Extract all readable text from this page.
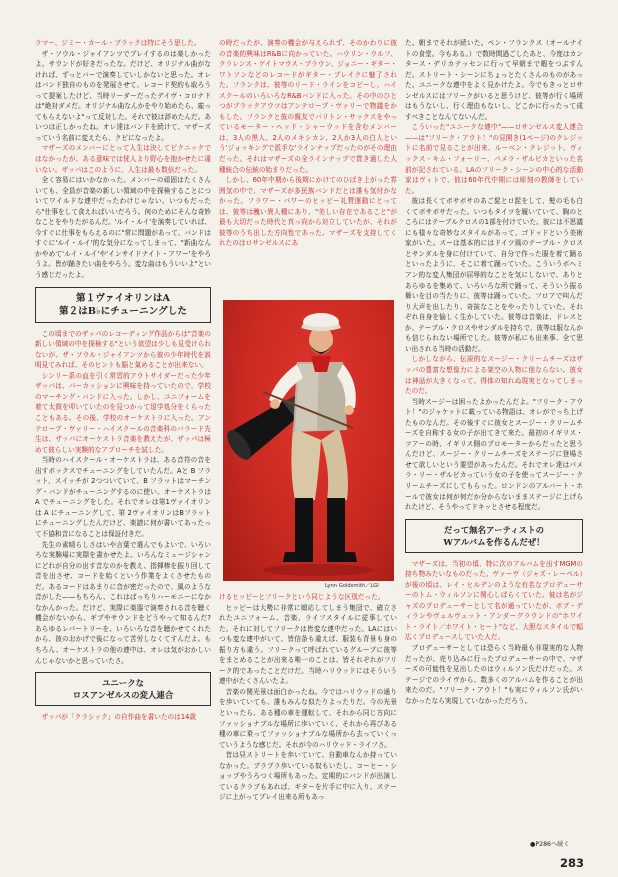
ラマー、ジミー・カール・ブラックは特にそう思した。

ザ・ソウル・ジャイアンツでプレイするのは楽しかったよ。サウンドが好きだったな。だけど、オリジナル曲がなければ、ずっとバーで演奏していしかないと思った。オレはバンド独自のものを発展させて、レコード契約も取ろうって提案したけど、当時リーダーだったデイヴ・コロナドは"絶対ダメだ。オリジナル曲なんかをやり始めたら、雇ってもらえないよ"って反対した。それで彼は辞めたんだ。あいつは正しかったね。オレ達はバンドを続けて、マザーズっていう名前に変えたら、クビになったよ。

マザーズのメンバーにとって人生は決してピクニックではなかったが、ある意味では恍人より野心を抱かせたに違いない。ザッパはこのように、人生は最も数倍だった。

全く容易にはいかなかった。メンバーの頑固はたくさんいても、全員が音楽の新しい領域の中を探検することについてワイルドな連中だったわけじゃない。いつもだったら"仕事をして食えればいいだろう。何のためにそんな奇妙なことをやりたがるんだ。'ルイ・ルイ'を演奏していれば、今すぐに仕事をもらえるのに"常に問題があって、バンドはすぐに'ルイ・ルイ'的な気分になってしまって、"新曲なんかやめて'ルイ・ルイ'や'インサイドナイト・アワー'をやろうよ。皆が踊きたい曲をやろう。変な曲はもういいよ"という感じだったよ。

第１ヴァイオリンはA
第２はB♭にチューニングした

この頃までのザッパのレコーディング作品からは"音楽の新しい領域の中を探検する"という欲望は少しも見受けられないが、ザ・ソウル・ジャイアンツから彼の少年時代を説明見てみれば、そのヒントも脳と氣めることが出来ない。

シンリー系の血を引く常習的アウトサイダーだった少年ザッパは、パーカッションに興味を持っていたので、学校のマーチング・バンドに入った。しかし、ユニフォームを着て太鼓を叩いていたのを見つかって退学処分をくらったこともある。その後、学校のオーケストラに入った。アンテロープ・ヴァリー・ハイスクールの音楽科のバラード先生は、ザッパにオーケストラ音楽を教えたが、ザッパは極めて彼らしい実験的なアプローチを試した。

当時のハイスクール・オーケストラは、ある音符の音を出すボックスでチューニングをしていたんだ。Aと B フラット、スイッチが 2つついていて、B フラットはマーチング・バンドがチューニングするのに使い、オーケストラは A でチューニングをした。それでオレは第1ヴァイオリンは A にチューニングして、第 2ヴァイオリンはBフラットにチューニングしたんだけど、楽譜に何が書いてあったって不協和音になることは保証付きだ。

先生の素晴らしさはいや言葉で選んでもよいで、いろいろな実験場に実際を書かせたよ。いろんなミュージシャンにどれが自分の出す音なのかを教え、指揮棒を振り回して音を出させ、コードを始くという作業をよくさせたものだ。あるコードはあまりに音が密だったので、風のような音がした——もちろん、これはばっちりハーモニーになかなかんかった。だけど、実際に楽器で演奏される音を聴く機会がないから、ギブやサウンドをどうやって知るんだ? あらゆるレパートリーを、いろいろな音を聴かせてくれたから、彼のおかげで後になって苦労しなくてすんだよ。もちろん、オーケストラの他の連中は、オレは気がおかしいんじゃないかと思っていたさ。

ユニークな
ロスアンゼルスの変人連合

ザッパが「クラシック」の自作曲を書いたのは14歳

の時だったが、演奏の機会が与えられず、そのかわりに彼の音楽的興味はR&Bに向かっていた。ハウリン・ウルフ、クラレンス・ゲイトマウス・ブラウン、ジョニー・ギター・ワトソンなどのレコードがギター・ブレイクに魅了された。フランクは、彼等のリード・ラインをコピーし、ハイスクールのいろいろなR&Bバンドに入った。その中のひとつがブラックアウツはアンテロープ・ヴァリーで物議をかもした。フランクと彼の親友でバリトン・サックスをやっているモーター・ヘッド・シャーウッドを含むメンバーは、3人の黒人、2人のメキシカン、2人か3人の白人という'ジョッキングで派手な'ラインナップだったのがその理由だった。それはマザーズの全ラインナップで貫き通した人種統合の伝統の始まりだった。

しかし、60年中期から後期にかけてのひばき上がった雰囲気の中で、マザーズが多民族バンドだとは誰も気付かなかった。フラワー・パワーのヒッピー礼賛運動にとっては、彼等は醜い異人種にあり、"美しい存在であること"が最も大切だった時代と真っ向から対立していたが、それが彼等のうち出した方向性であった。マザーズを支持してくれたのはロサンゼルスにあ

けるヒッピーとフリークという同じような区別だった。

ヒッピーは大勢に非常に順応してしまう集団で、確立されたユニフォーム、音楽、ライフスタイルに従事していた。それに対してフリークは皆変な連中だった。LAにはいつも変な連中がいて、皆信条も違えば、服装も背景も身の振り方も違う。フリークって呼ばれているグループに彼等をまとめることが出来る唯一のことは、皆それぞれがフリーク的であったことだけだ。当時ハリウッドにはそういう連中がたくさんいたよ。

音楽の関光景は面白かったね。今ではハリウッドの通りを歩いていても、誰もみんな似たりよったりだ。今の光景といったら、ある種の車を運転して、それから同じ方向にファッショナブルな場所に歩いていく、それから再びある種の車に乗ってファッショナブルな場所から去っていくっていうような感じだ。それが今のハリウッド・ライフさ。

昔は昼ストリートを歩いていて、自動車なんか持っていなかった。ブラブラ歩いている奴もいたし、コーヒー・ショップやうろつく場所もあった。定期的にバンドが出演しているクラブもあれば、ギターを片手に中に入り、ステージに上がってプレイ出来る所もあっ

Lynn Goldsmith／LGI

た。朝までそれが続いた。ペン・フランクス（オールナイトの食堂。今もある。）で数時間過ごしたあと、今度はカンタース・デリカテッセンに行って早朝まで暇をつぶすんだ。ストリート・シーンにちょっとたくさんのものがあった。ユニークな連中をよく見かけたよ。今でもきっとロサンゼルスにはフリークがいると思うけど、彼等が行く場所はもうないし、行く理由もないし、どこかに行ったって成すべきことなんてないんだ。

こういった"ユニークな連中"——ロサンゼルス変人連合——は"フリーク・アウト！"の見開き(1ページ)のクレジットに名前で見ることが出来、ルーベン・クレジット、ヴィックス・キム・フォーリー、パメラ・ザルビカといった名前が記されている。LAのフリーク・シーンの中心的な活動家はヴィトで、彼は60年代中期には彫刻の教師をしていた。

彼は長くてボサボサのあご髭とロ髭をして、髪の毛も白くてボサボサだった。いつもタイツを履いていて、胸のところにはテーブルクロスの1部を付けていた。彼には不思議にも様々な奇妙なスタイルがあって、ゴドッドという美術家がいた。スーは基本的にはドイツ風のテーブル・クロスとサンダルを身に付けていて、自分で作った服を着て踊るといったように、そこに着て踊っていた。こういうボヘミアン的な変人集団が屈辱的なことを気にしないで、ありとあらゆるを集めて、いろいろな所で踊って、そういう振る舞いを目の当たりに、彼等は踊っていた。フロアで叫んだり大声を出したり、奇抜なことをやったりしていた。それぞれ自身を愉しく生かしていた。彼等は音楽は、ドレスとか、テーブル・クロスやサンダルを持ちで、彼等は服なんかも信じられない場所でした。彼等が私にも出来事、全て思い出される当時の活動だ。

しかしながら、伝説的なスージー・クリームチーズはザッパの豊富な想像力による架空の人物に他ならない。彼女は神話が大きくなって、得体の知れぬ現実となってしまったのだ。

当時スージーは困ったよかったんだよ。"フリーク・アウト！"のジャケットに載っている物語は、オレがでっち上げたものなんだ。その後すぐに彼女とスージー・クリームチーズを自称する女の子が出てきて来た。最初のイギリス・ツアーの時、イギリス側のプロモーターからだったと思うんだけど、スージー・クリームチーズをステージに登場させて欲しいという要望があったんだ。それでオレ達はパメラ・リー・ザルビカっていう女の子を使ってスージー・クリームチーズにしてもらった。ロンドンのアルバート・ホールで彼女は何が何だか分からないままステージに上げられたけど、そうやってドキッとさせる程度だ。

だって無名アーティストの
Wアルバムを作るんだぜ！

マザーズは、当初の頃、特に次のアルバムを出すMGMの持ち物みたいなものだった。ヴァーヴ（ジャズ・レーベル）が後の頃は、レイ・ヒルデンのような有名なプロデューサーのトム・ウィルソンに関心しばらくていた。彼は名がジャズのプロデューサーとして名が通っていたが、ボブ・ディランやヴェルヴェット・アンダーグラウンドの"ホワイト・ライト／ホワイト・ヒート"など、大胆なスタイルで幅広くプロデュースしていた人だ。

プロデューサーとしては恐らく当時最も非現実的な人物だったが、売り込みに行ったプロデューサーの中で、マザーズの可能性を見出したのはウィルソン氏だけだった。ステージでのライヴから、数多くのアルバムを作ることが出来たのだ。"フリーク・アウト！"も実にウィルソン氏がいなかったなら実現していなかっただろう。

●P286へ続く
283
